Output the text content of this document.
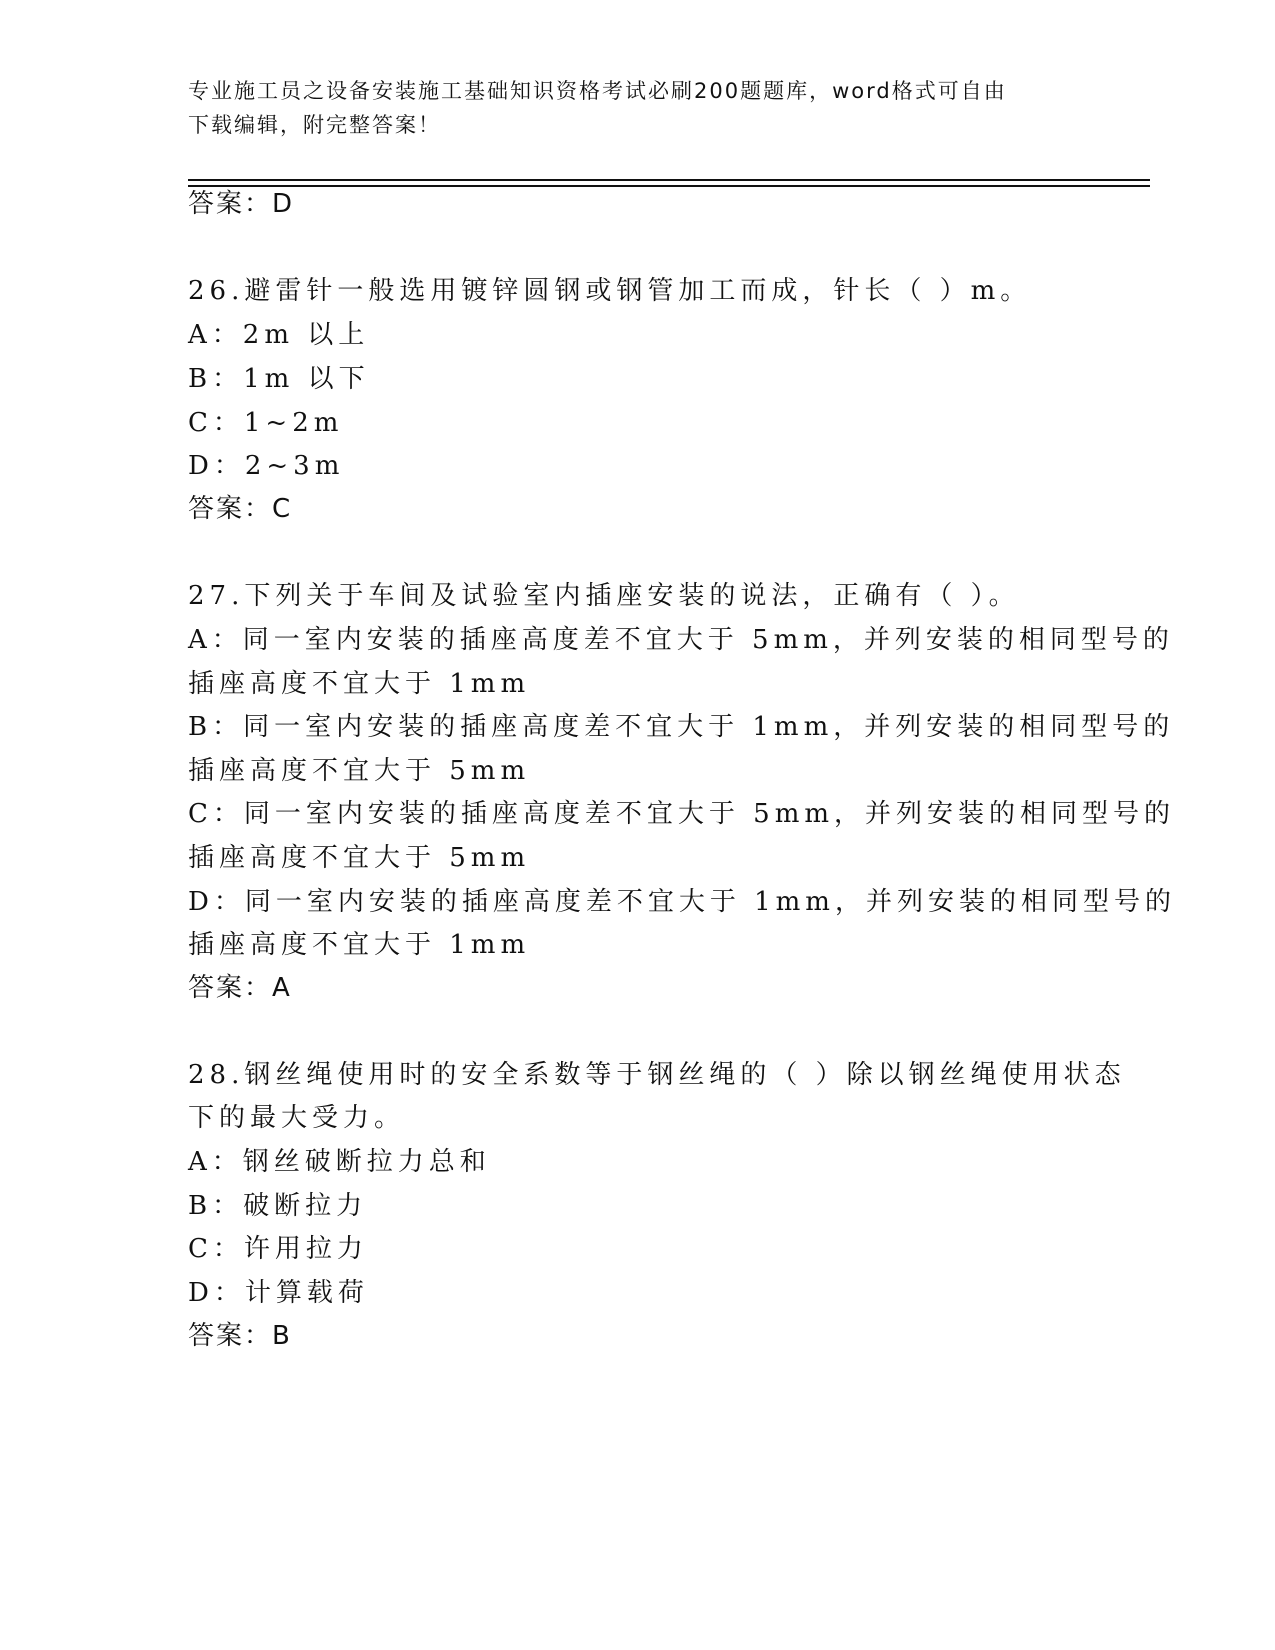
专业施工员之设备安装施工基础知识资格考试必刷200题题库，word格式可自由
下载编辑，附完整答案！
答案：D
26.避雷针一般选用镀锌圆钢或钢管加工而成，针长（ ）m。
A：2m 以上
B：1m 以下
C：1~2m
D：2~3m
答案：C
27.下列关于车间及试验室内插座安装的说法，正确有（ ）。
A：同一室内安装的插座高度差不宜大于 5mm，并列安装的相同型号的
插座高度不宜大于 1mm
B：同一室内安装的插座高度差不宜大于 1mm，并列安装的相同型号的
插座高度不宜大于 5mm
C：同一室内安装的插座高度差不宜大于 5mm，并列安装的相同型号的
插座高度不宜大于 5mm
D：同一室内安装的插座高度差不宜大于 1mm，并列安装的相同型号的
插座高度不宜大于 1mm
答案：A
28.钢丝绳使用时的安全系数等于钢丝绳的（ ）除以钢丝绳使用状态
下的最大受力。
A：钢丝破断拉力总和
B：破断拉力
C：许用拉力
D：计算载荷
答案：B
